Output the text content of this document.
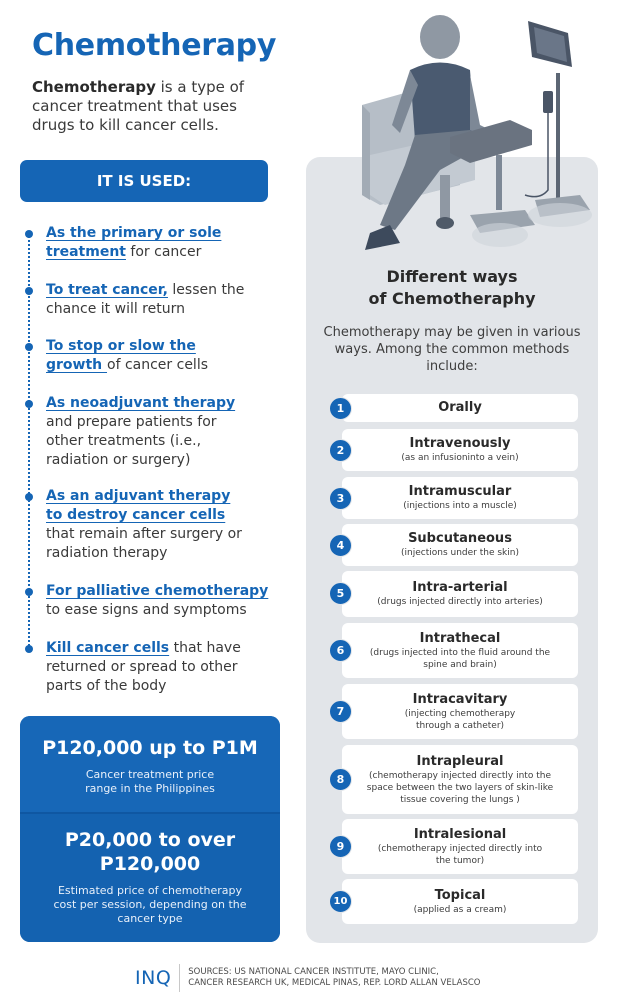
Chemotherapy
Chemotherapy is a type of cancer treatment that uses drugs to kill cancer cells.
IT IS USED:
As the primary or sole treatment for cancer
To treat cancer, lessen the chance it will return
To stop or slow the growth of cancer cells
As neoadjuvant therapy and prepare patients for other treatments (i.e., radiation or surgery)
As an adjuvant therapy to destroy cancer cells that remain after surgery or radiation therapy
For palliative chemotherapy to ease signs and symptoms
Kill cancer cells that have returned or spread to other parts of the body
P120,000 up to P1M
Cancer treatment price range in the Philippines
P20,000 to over P120,000
Estimated price of chemotherapy cost per session, depending on the cancer type
Different ways
of Chemotheraphy
Chemotherapy may be given in various ways. Among the common methods include:
Orally
1
Intravenously
(as an infusioninto a vein)
2
Intramuscular
(injections into a muscle)
3
Subcutaneous
(injections under the skin)
4
Intra-arterial
(drugs injected directly into arteries)
5
Intrathecal
(drugs injected into the fluid around the spine and brain)
6
Intracavitary
(injecting chemotherapy through a catheter)
7
Intrapleural
(chemotherapy injected directly into the space between the two layers of skin-like tissue covering the lungs )
8
Intralesional
(chemotherapy injected directly into the tumor)
9
Topical
(applied as a cream)
10
INQ	SOURCES: US NATIONAL CANCER INSTITUTE, MAYO CLINIC,
CANCER RESEARCH UK, MEDICAL PINAS, REP. LORD ALLAN VELASCO
